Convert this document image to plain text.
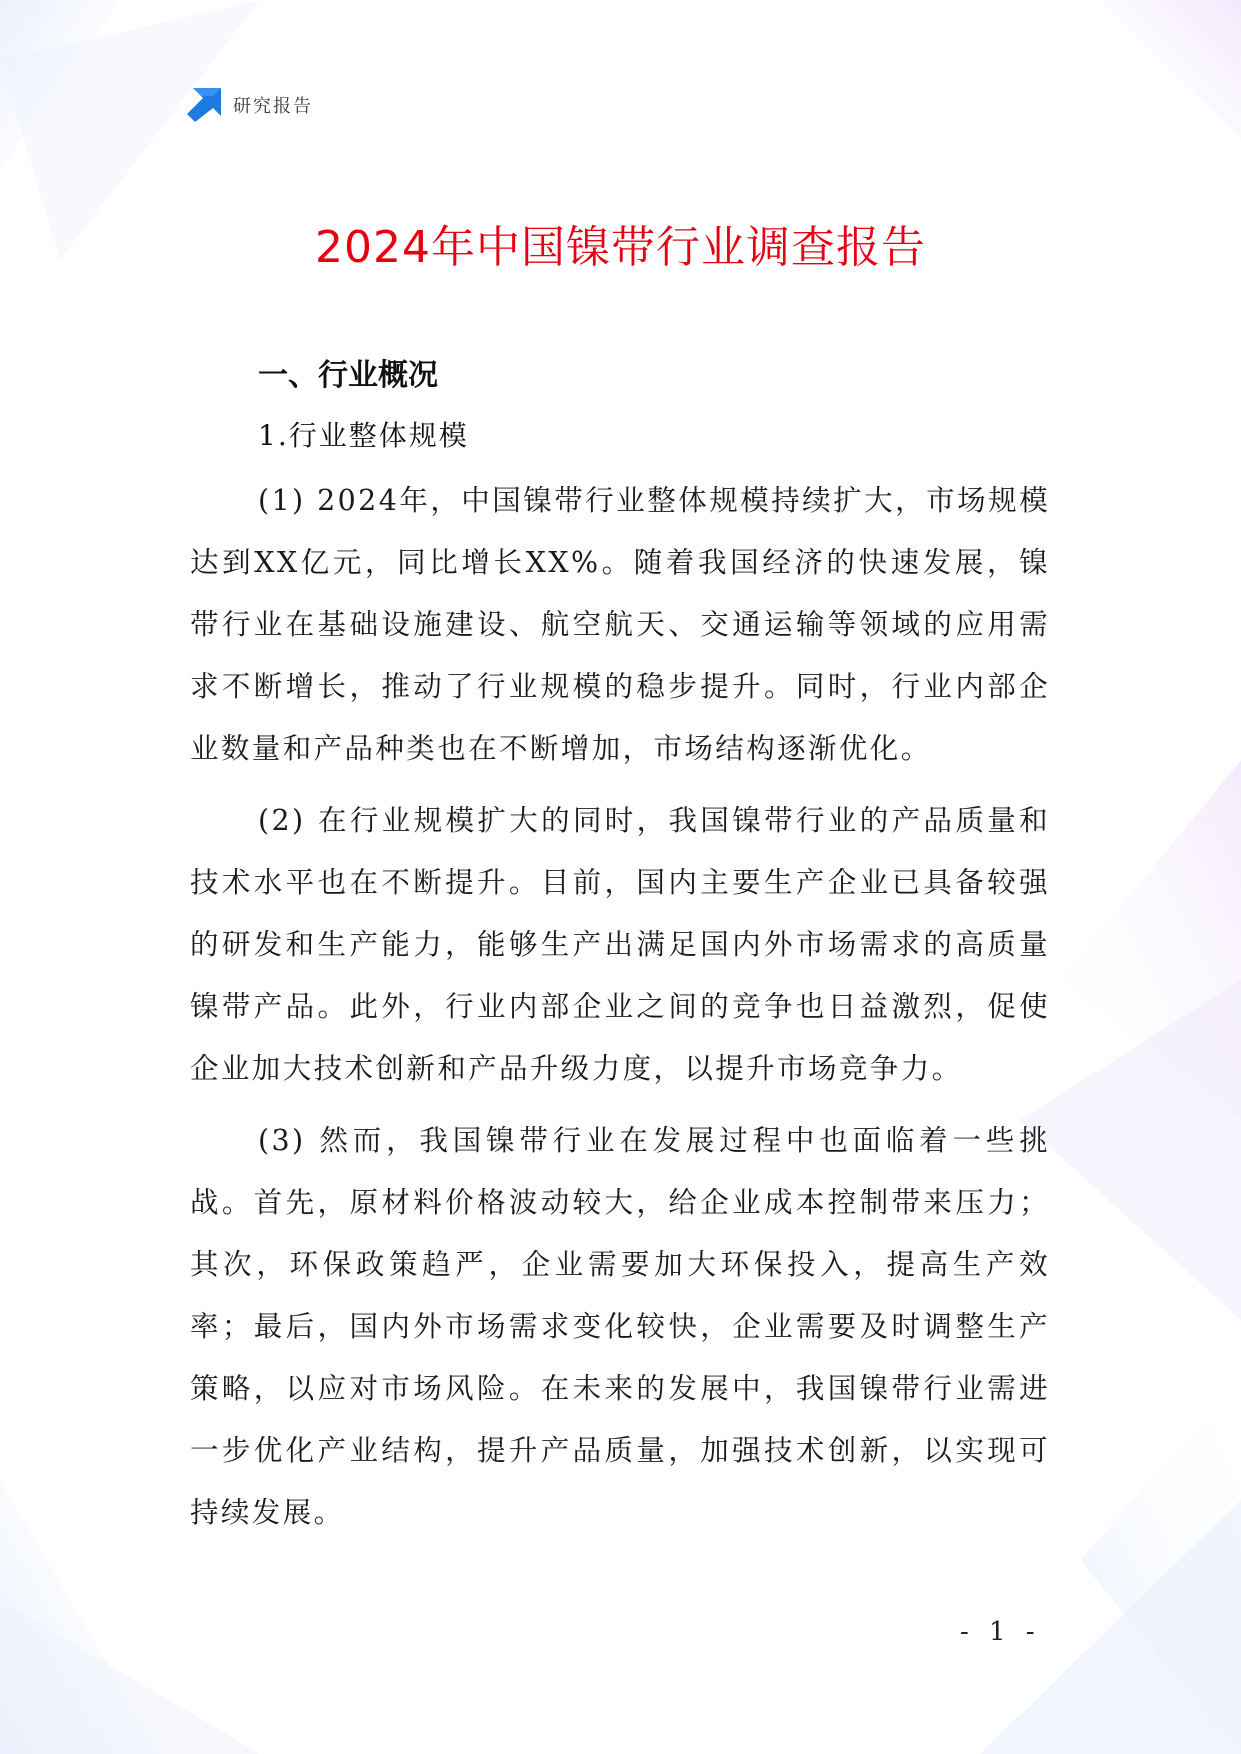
研究报告
2024年中国镍带行业调查报告
一、行业概况
1.行业整体规模

(1) 2024年，中国镍带行业整体规模持续扩大，市场规模达到XX亿元，同比增长XX%。随着我国经济的快速发展，镍带行业在基础设施建设、航空航天、交通运输等领域的应用需求不断增长，推动了行业规模的稳步提升。同时，行业内部企业数量和产品种类也在不断增加，市场结构逐渐优化。

(2) 在行业规模扩大的同时，我国镍带行业的产品质量和技术水平也在不断提升。目前，国内主要生产企业已具备较强的研发和生产能力，能够生产出满足国内外市场需求的高质量镍带产品。此外，行业内部企业之间的竞争也日益激烈，促使企业加大技术创新和产品升级力度，以提升市场竞争力。

(3) 然而，我国镍带行业在发展过程中也面临着一些挑战。首先，原材料价格波动较大，给企业成本控制带来压力；其次，环保政策趋严，企业需要加大环保投入，提高生产效率；最后，国内外市场需求变化较快，企业需要及时调整生产策略，以应对市场风险。在未来的发展中，我国镍带行业需进一步优化产业结构，提升产品质量，加强技术创新，以实现可持续发展。

- 1 -
